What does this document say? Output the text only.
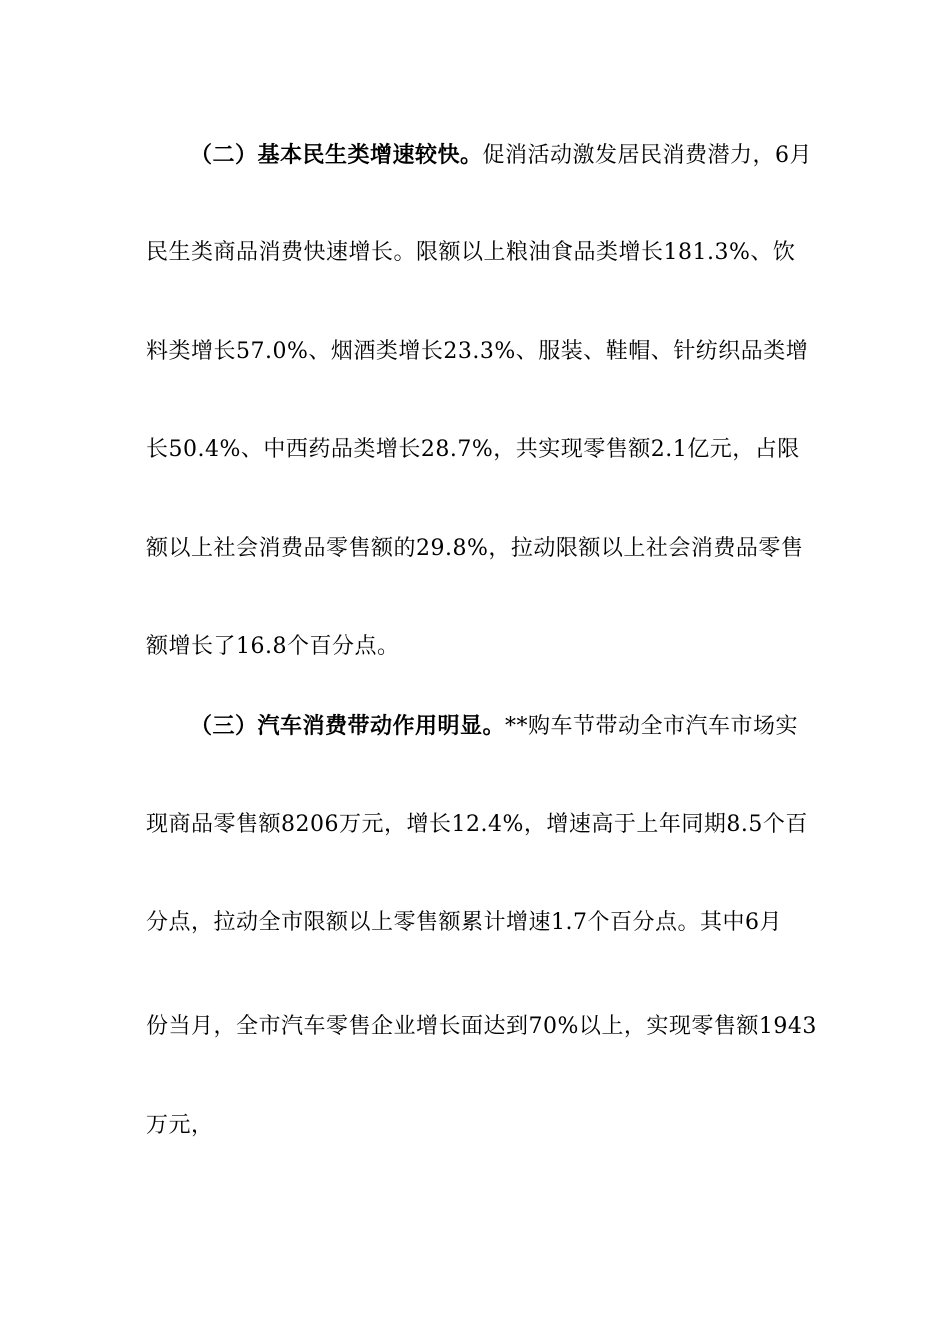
（二）基本民生类增速较快。促消活动激发居民消费潜力，6月
民生类商品消费快速增长。限额以上粮油食品类增长181.3%、饮
料类增长57.0%、烟酒类增长23.3%、服装、鞋帽、针纺织品类增
长50.4%、中西药品类增长28.7%，共实现零售额2.1亿元，占限
额以上社会消费品零售额的29.8%，拉动限额以上社会消费品零售
额增长了16.8个百分点。
（三）汽车消费带动作用明显。**购车节带动全市汽车市场实
现商品零售额8206万元，增长12.4%，增速高于上年同期8.5个百
分点，拉动全市限额以上零售额累计增速1.7个百分点。其中6月
份当月，全市汽车零售企业增长面达到70%以上，实现零售额1943
万元，
